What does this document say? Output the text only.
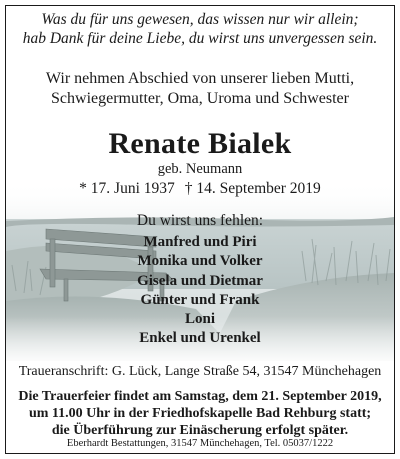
Was du für uns gewesen, das wissen nur wir allein;
hab Dank für deine Liebe, du wirst uns unvergessen sein.
Wir nehmen Abschied von unserer lieben Mutti,
Schwiegermutter, Oma, Uroma und Schwester
Renate Bialek
geb. Neumann
* 17. Juni 1937 † 14. September 2019
Du wirst uns fehlen:
Manfred und Piri
Monika und Volker
Gisela und Dietmar
Günter und Frank
Loni
Enkel und Urenkel
Traueranschrift: G. Lück, Lange Straße 54, 31547 Münchehagen
Die Trauerfeier findet am Samstag, dem 21. September 2019,
um 11.00 Uhr in der Friedhofskapelle Bad Rehburg statt;
die Überführung zur Einäscherung erfolgt später.
Eberhardt Bestattungen, 31547 Münchehagen, Tel. 05037/1222
